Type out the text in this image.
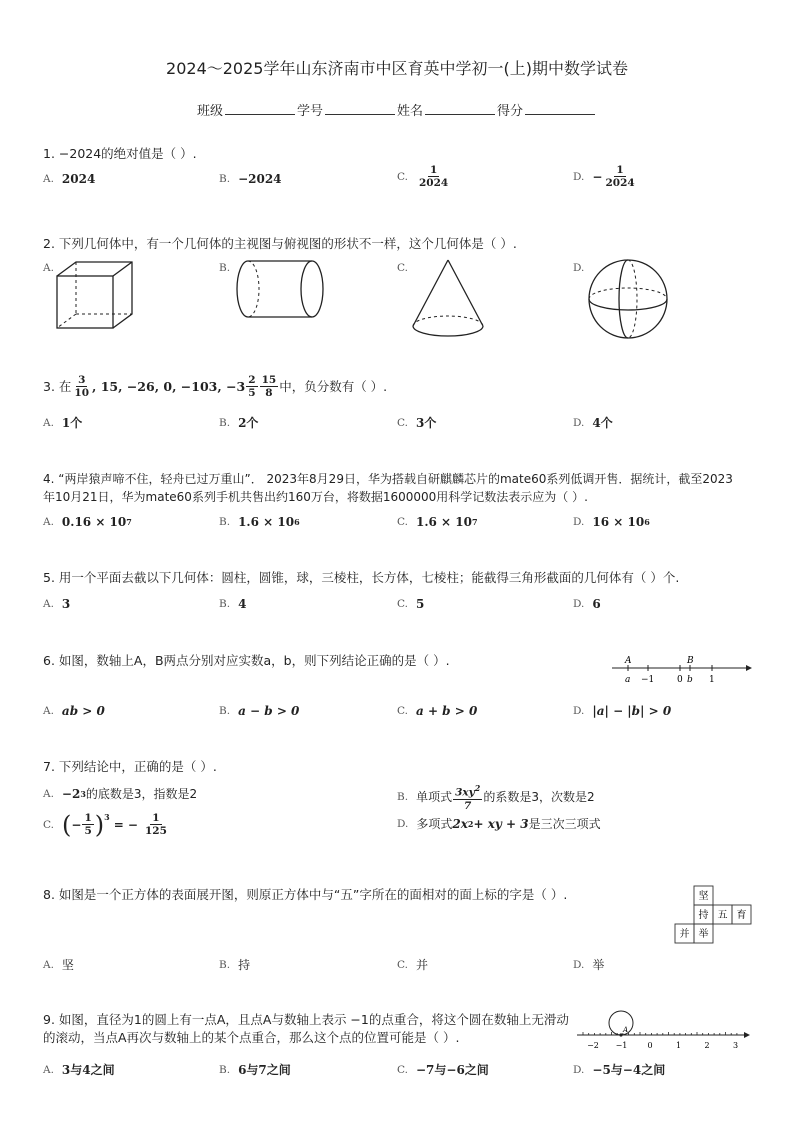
2024～2025学年山东济南市中区育英中学初一(上)期中数学试卷
班级	学号	姓名	得分
1. −2024的绝对值是（ ）.
A. 2024	B. −2024	C. $\frac{1}{2024}$	D. − $\frac{1}{2024}$
2. 下列几何体中，有一个几何体的主视图与俯视图的形状不一样，这个几何体是（ ）.
A.	B.	C.	D.
3. 在 $\frac{3}{10}$ , 15, −26, 0, −103, $-3 \frac{2}{5} \frac{15}{8}$ 中，负分数有（ ）.
A. 1个	B. 2个	C. 3个	D. 4个
4. “两岸猿声啼不住，轻舟已过万重山”． 2023年8月29日，华为搭载自研麒麟芯片的mate60系列低调开售．据统计，截至2023
年10月21日，华为mate60系列手机共售出约160万台，将数据1600000用科学记数法表示应为（ ）.
A. 0.16 × 10 7	B. 1.6 × 10 6	C. 1.6 × 10 7	D. 16 × 10 6
5. 用一个平面去截以下几何体：圆柱，圆锥，球，三棱柱，长方体，七棱柱；能截得三角形截面的几何体有（ ）个.
A. 3	B. 4	C. 5	D. 6
6. 如图，数轴上A，B两点分别对应实数a，b，则下列结论正确的是（ ）.	A	B
a −1	0 b 1
A. ab > 0	B. a − b > 0	C. a + b > 0	D. |a| − |b| > 0
7. 下列结论中，正确的是（ ）.
A. −2 3 的底数是3，指数是2	B. 单项式 $\frac{3xy^2}{7}$ 的系数是3，次数是2
C. ( − $\frac{1}{5} )^3$
= − $\frac{1}{125}$	D. 多项式 2x 2 + xy + 3 是三次三项式
8. 如图是一个正方体的表面展开图，则原正方体中与“五”字所在的面相对的面上标的字是（ ）.	坚
持 五 育
并 举
A. 坚	B. 持	C. 并	D. 举
9. 如图，直径为1的圆上有一点A，且点A与数轴上表示 −1的点重合，将这个圆在数轴上无滑动
的滚动，当点A再次与数轴上的某个点重合，那么这个点的位置可能是（ ）.	A
−2 −1	0	1	2	3
A. 3与4之间	B. 6与7之间	C. −7与−6之间	D. −5与−4之间
